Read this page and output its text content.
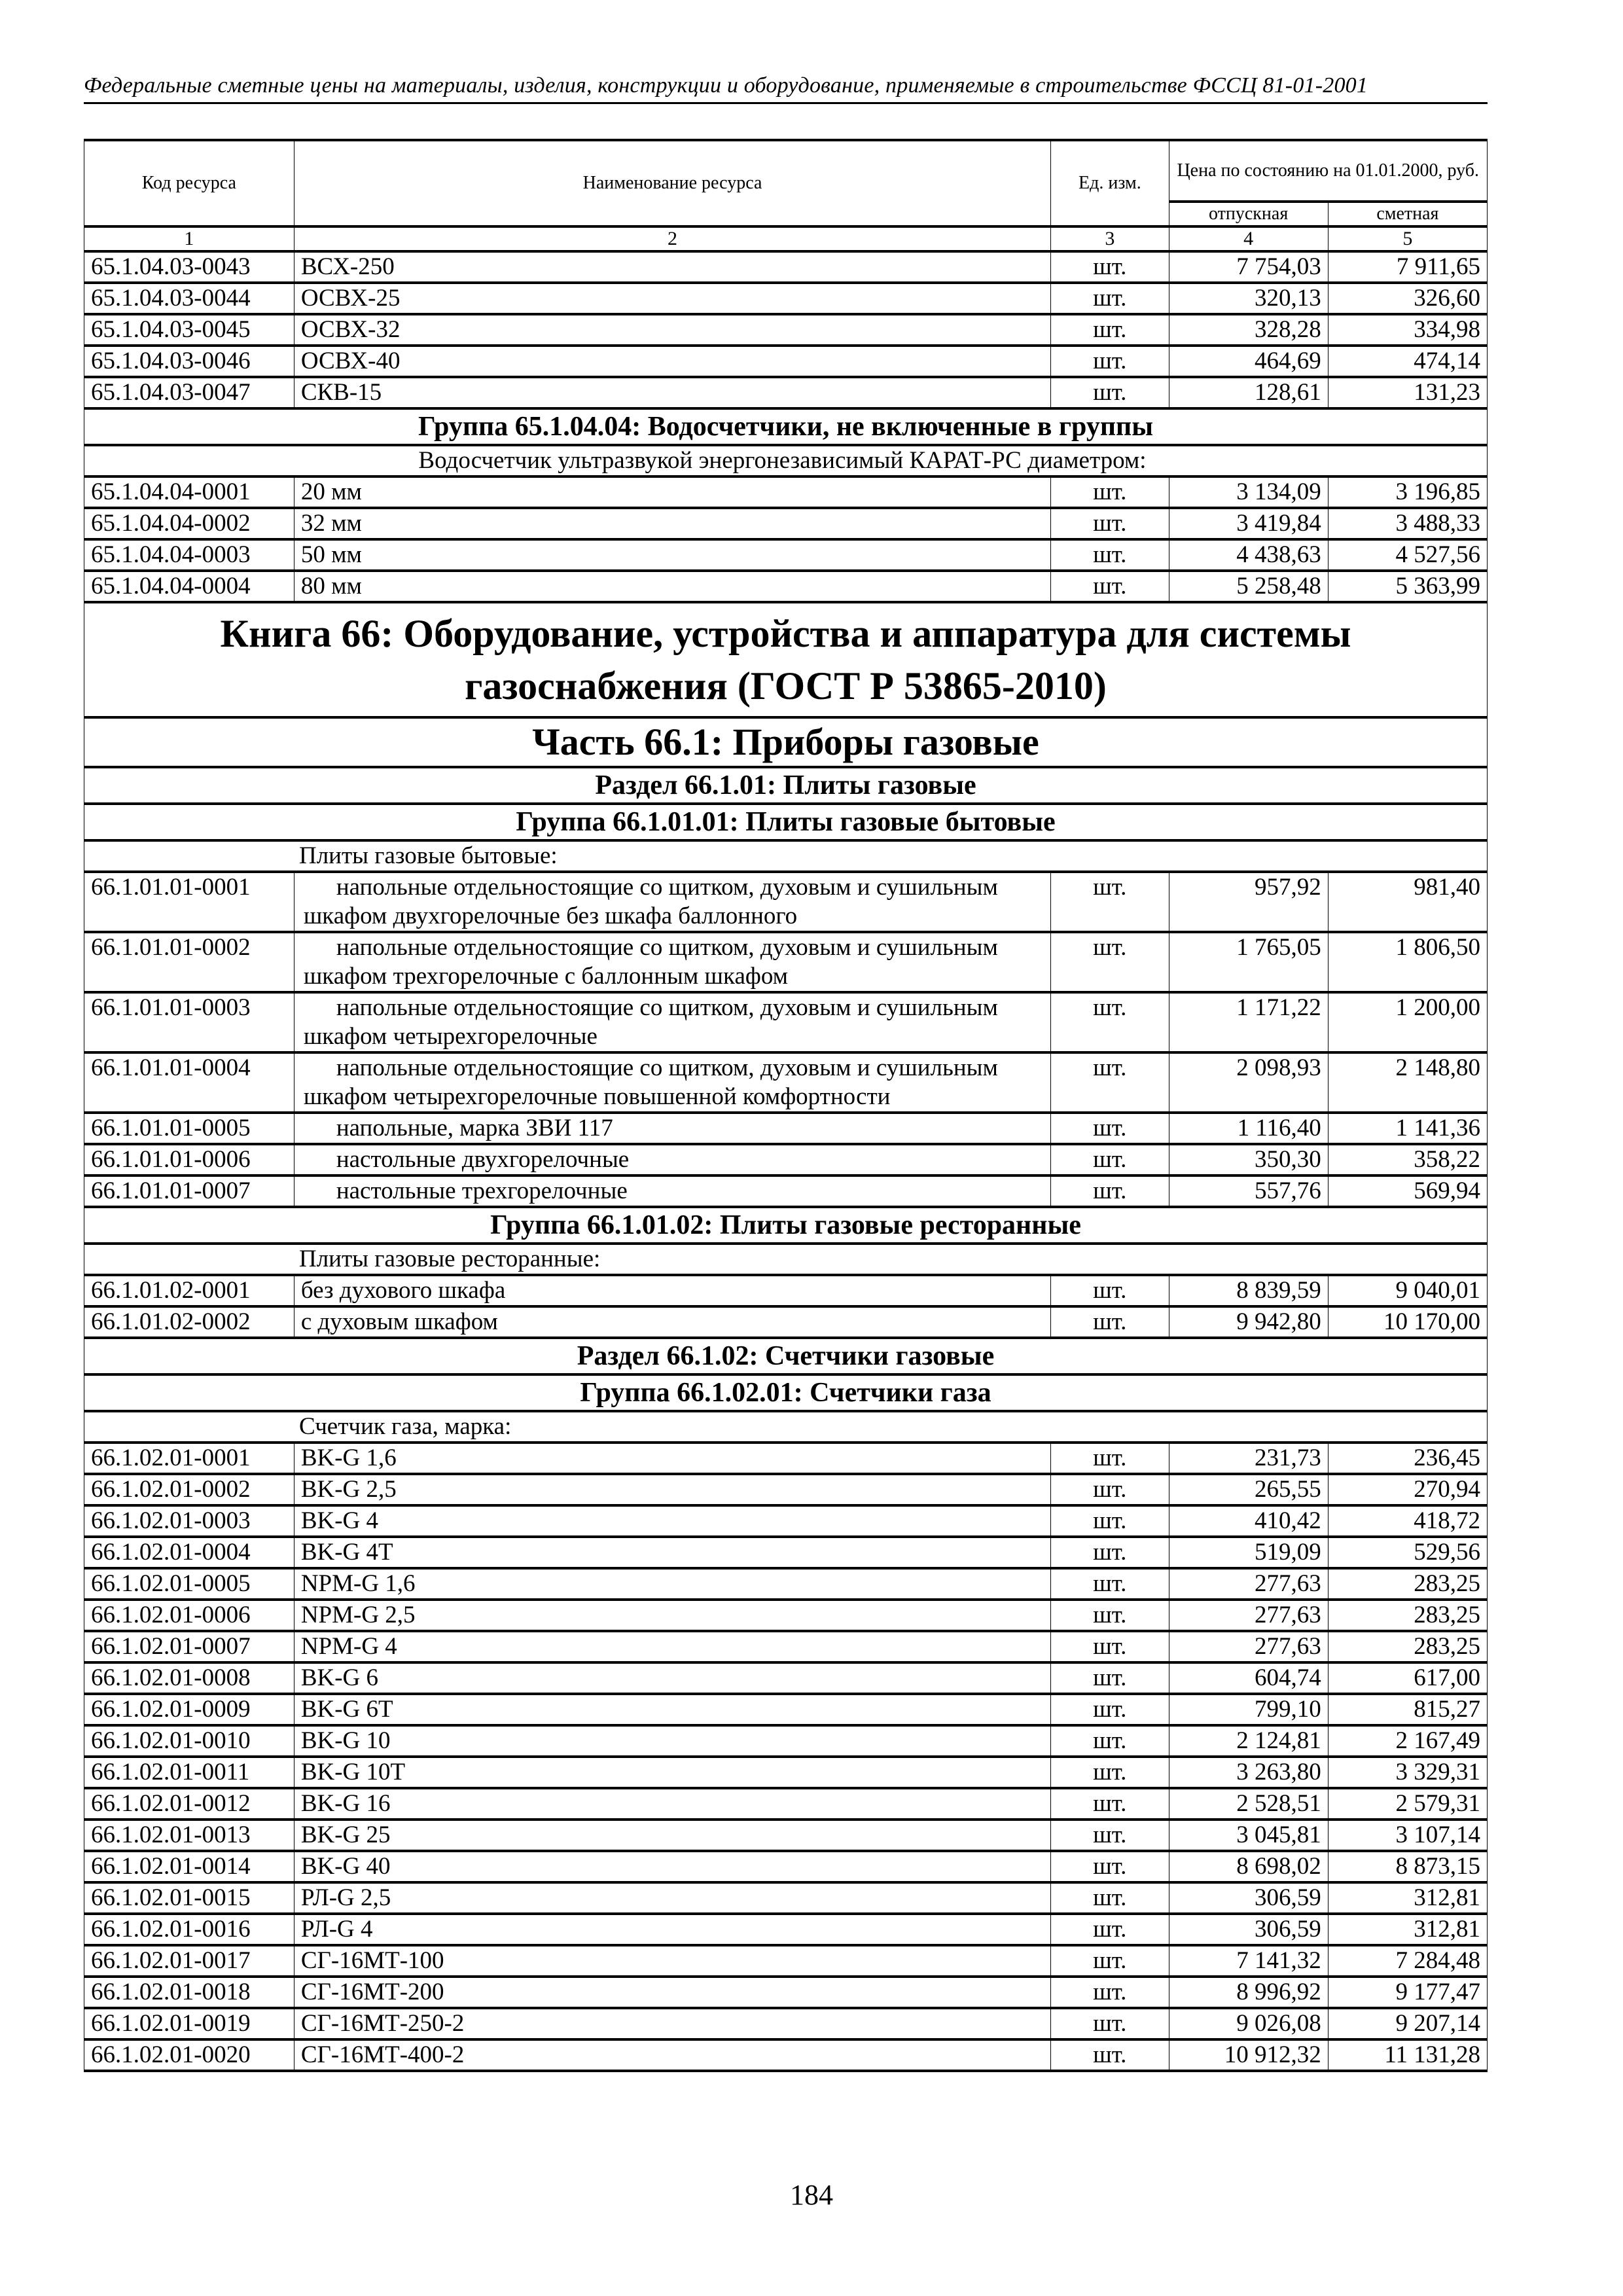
Федеральные сметные цены на материалы, изделия, конструкции и оборудование, применяемые в строительстве ФССЦ 81-01-2001
Код ресурса	Наименование ресурса	Ед. изм.	Цена по состоянию на 01.01.2000, руб.	
			отпускная	сметная
1	2	3	4	5
65.1.04.03-0043	ВСХ-250	шт.	7 754,03	7 911,65
65.1.04.03-0044	ОСВХ-25	шт.	320,13	326,60
65.1.04.03-0045	ОСВХ-32	шт.	328,28	334,98
65.1.04.03-0046	ОСВХ-40	шт.	464,69	474,14
65.1.04.03-0047	СКВ-15	шт.	128,61	131,23
Группа 65.1.04.04: Водосчетчики, не включенные в группы				
Водосчетчик ультразвукой энергонезависимый КАРАТ-РС диаметром:				
65.1.04.04-0001	20 мм	шт.	3 134,09	3 196,85
65.1.04.04-0002	32 мм	шт.	3 419,84	3 488,33
65.1.04.04-0003	50 мм	шт.	4 438,63	4 527,56
65.1.04.04-0004	80 мм	шт.	5 258,48	5 363,99
Книга 66: Оборудование, устройства и аппаратура для системы газоснабжения (ГОСТ Р 53865-2010)				
Часть 66.1: Приборы газовые				
Раздел 66.1.01: Плиты газовые				
Группа 66.1.01.01: Плиты газовые бытовые				
Плиты газовые бытовые:				
66.1.01.01-0001	напольные отдельностоящие со щитком, духовым и сушильным шкафом двухгорелочные без шкафа баллонного	шт.	957,92	981,40
66.1.01.01-0002	напольные отдельностоящие со щитком, духовым и сушильным шкафом трехгорелочные с баллонным шкафом	шт.	1 765,05	1 806,50
66.1.01.01-0003	напольные отдельностоящие со щитком, духовым и сушильным шкафом четырехгорелочные	шт.	1 171,22	1 200,00
66.1.01.01-0004	напольные отдельностоящие со щитком, духовым и сушильным шкафом четырехгорелочные повышенной комфортности	шт.	2 098,93	2 148,80
66.1.01.01-0005	напольные, марка ЗВИ 117	шт.	1 116,40	1 141,36
66.1.01.01-0006	настольные двухгорелочные	шт.	350,30	358,22
66.1.01.01-0007	настольные трехгорелочные	шт.	557,76	569,94
Группа 66.1.01.02: Плиты газовые ресторанные				
Плиты газовые ресторанные:				
66.1.01.02-0001	без духового шкафа	шт.	8 839,59	9 040,01
66.1.01.02-0002	с духовым шкафом	шт.	9 942,80	10 170,00
Раздел 66.1.02: Счетчики газовые				
Группа 66.1.02.01: Счетчики газа				
Счетчик газа, марка:				
66.1.02.01-0001	BK-G 1,6	шт.	231,73	236,45
66.1.02.01-0002	BK-G 2,5	шт.	265,55	270,94
66.1.02.01-0003	BK-G 4	шт.	410,42	418,72
66.1.02.01-0004	BK-G 4T	шт.	519,09	529,56
66.1.02.01-0005	NPM-G 1,6	шт.	277,63	283,25
66.1.02.01-0006	NPM-G 2,5	шт.	277,63	283,25
66.1.02.01-0007	NPM-G 4	шт.	277,63	283,25
66.1.02.01-0008	BK-G 6	шт.	604,74	617,00
66.1.02.01-0009	BK-G 6T	шт.	799,10	815,27
66.1.02.01-0010	BK-G 10	шт.	2 124,81	2 167,49
66.1.02.01-0011	BK-G 10T	шт.	3 263,80	3 329,31
66.1.02.01-0012	BK-G 16	шт.	2 528,51	2 579,31
66.1.02.01-0013	BK-G 25	шт.	3 045,81	3 107,14
66.1.02.01-0014	BK-G 40	шт.	8 698,02	8 873,15
66.1.02.01-0015	РЛ-G 2,5	шт.	306,59	312,81
66.1.02.01-0016	РЛ-G 4	шт.	306,59	312,81
66.1.02.01-0017	СГ-16МТ-100	шт.	7 141,32	7 284,48
66.1.02.01-0018	СГ-16МТ-200	шт.	8 996,92	9 177,47
66.1.02.01-0019	СГ-16МТ-250-2	шт.	9 026,08	9 207,14
66.1.02.01-0020	СГ-16МТ-400-2	шт.	10 912,32	11 131,28
184
